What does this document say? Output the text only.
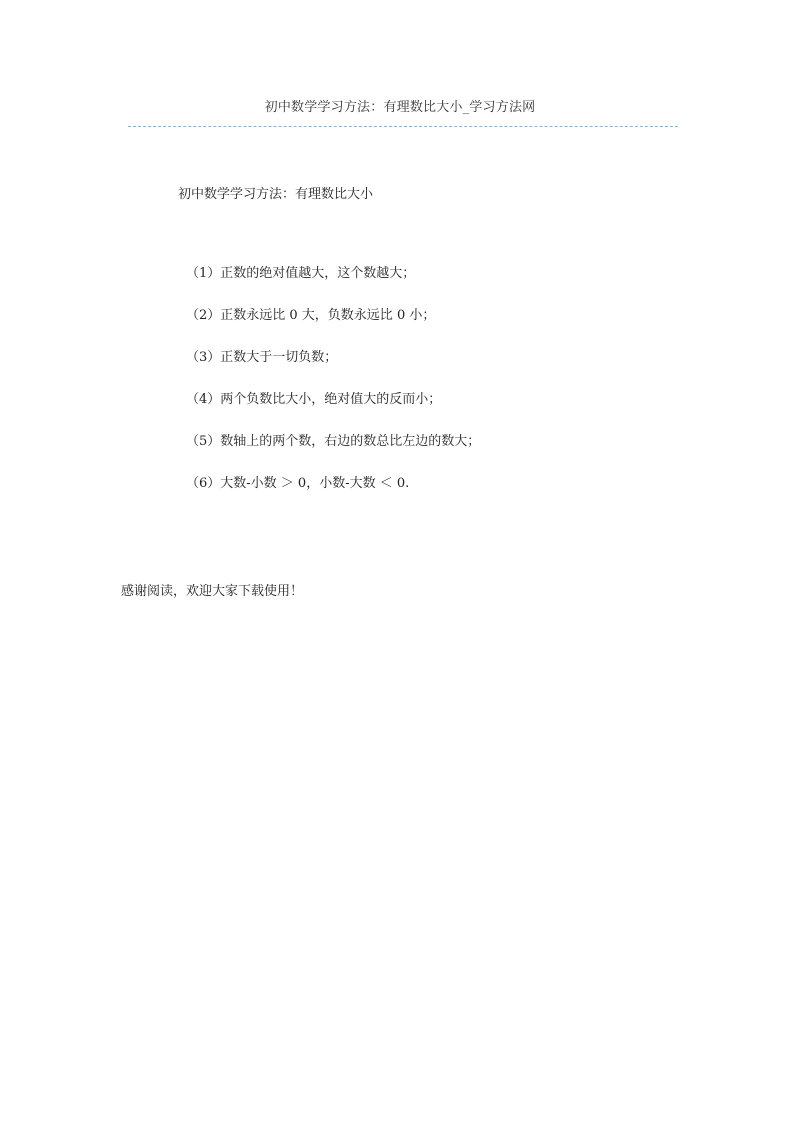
初中数学学习方法：有理数比大小_学习方法网
初中数学学习方法：有理数比大小
（1）正数的绝对值越大，这个数越大；
（2）正数永远比 0 大，负数永远比 0 小；
（3）正数大于一切负数；
（4）两个负数比大小，绝对值大的反而小；
（5）数轴上的两个数，右边的数总比左边的数大；
（6）大数-小数 ＞ 0，小数-大数 ＜ 0.
感谢阅读，欢迎大家下载使用！
